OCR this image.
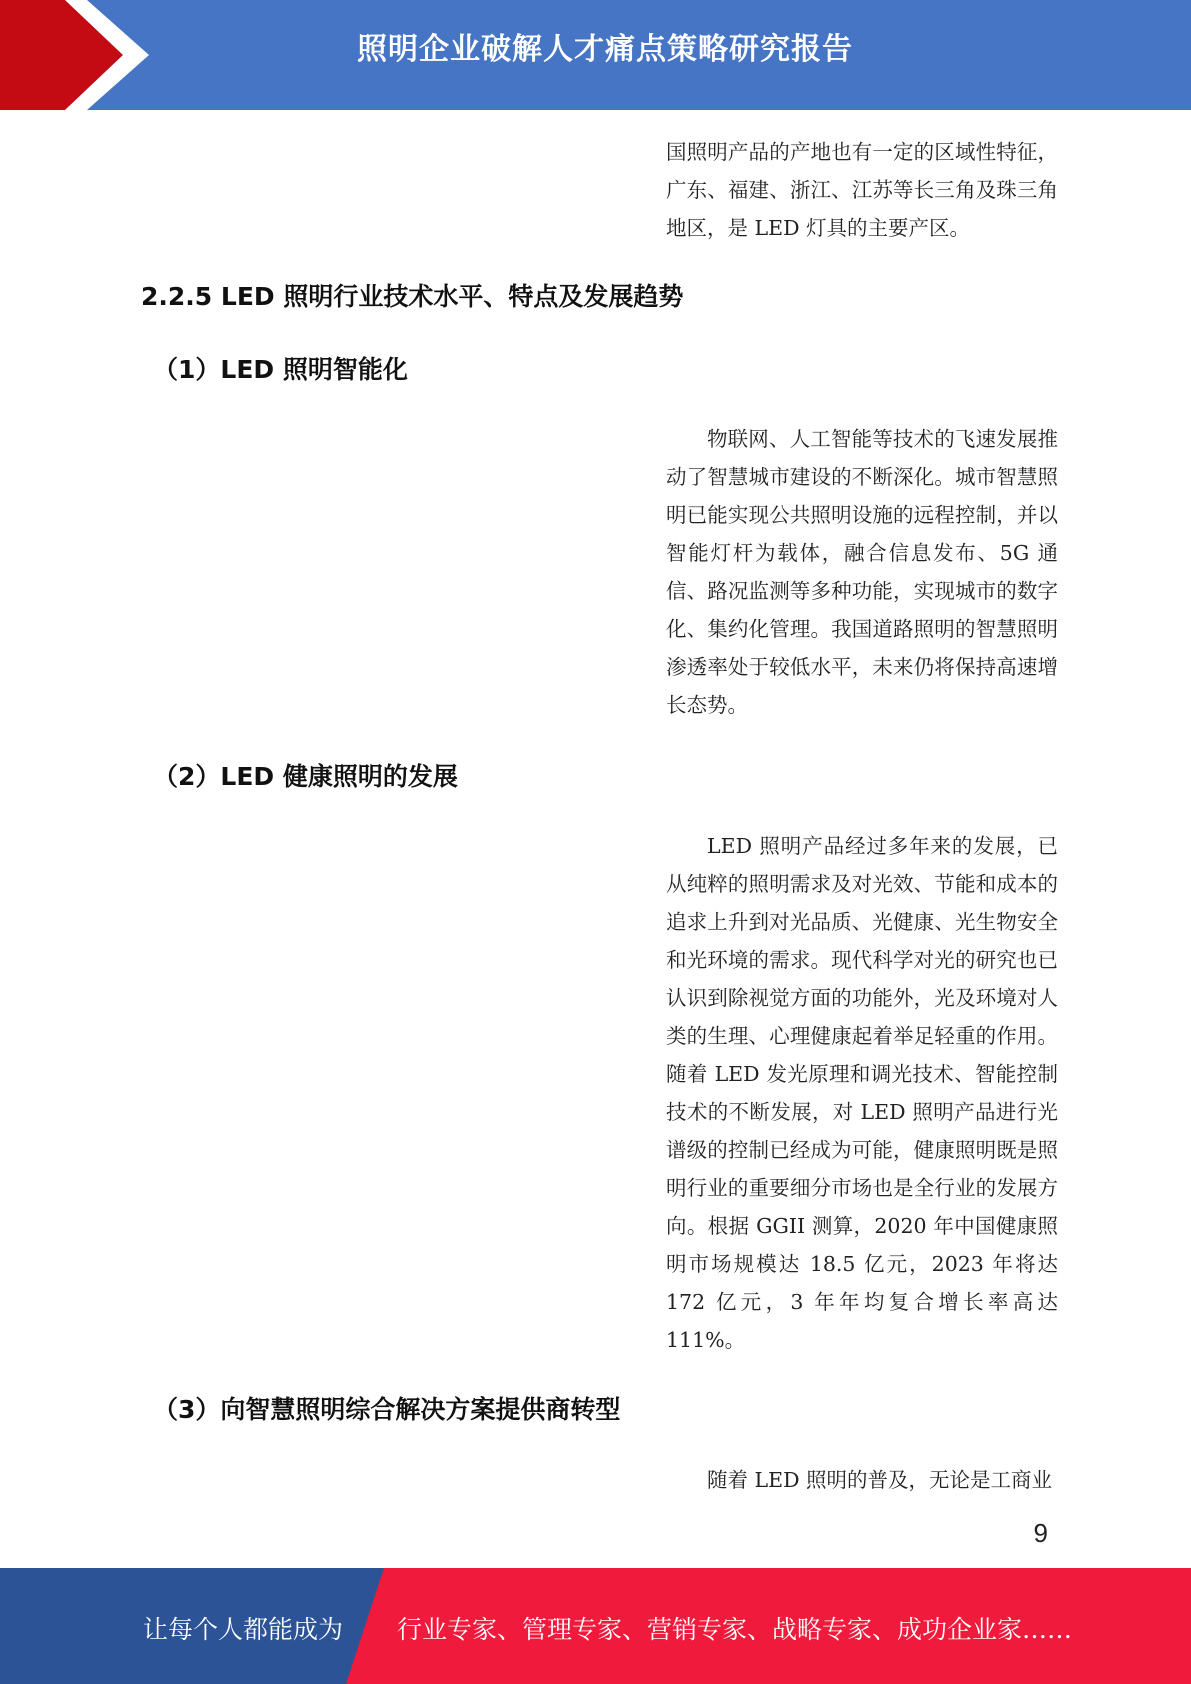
照明企业破解人才痛点策略研究报告

国照明产品的产地也有一定的区域性特征，广东、福建、浙江、江苏等长三角及珠三角地区，是 LED 灯具的主要产区。

2.2.5 LED 照明行业技术水平、特点及发展趋势
（1）LED 照明智能化

物联网、人工智能等技术的飞速发展推动了智慧城市建设的不断深化。城市智慧照明已能实现公共照明设施的远程控制，并以智能灯杆为载体，融合信息发布、5G 通信、路况监测等多种功能，实现城市的数字化、集约化管理。我国道路照明的智慧照明渗透率处于较低水平，未来仍将保持高速增长态势。

（2）LED 健康照明的发展

LED 照明产品经过多年来的发展，已从纯粹的照明需求及对光效、节能和成本的追求上升到对光品质、光健康、光生物安全和光环境的需求。现代科学对光的研究也已认识到除视觉方面的功能外，光及环境对人类的生理、心理健康起着举足轻重的作用。随着 LED 发光原理和调光技术、智能控制技术的不断发展，对 LED 照明产品进行光谱级的控制已经成为可能，健康照明既是照明行业的重要细分市场也是全行业的发展方向。根据 GGII 测算，2020 年中国健康照明市场规模达 18.5 亿元，2023 年将达 172 亿元，3 年年均复合增长率高达 111%。

（3）向智慧照明综合解决方案提供商转型

随着 LED 照明的普及，无论是工商业

9
让每个人都能成为 行业专家、管理专家、营销专家、战略专家、成功企业家……
